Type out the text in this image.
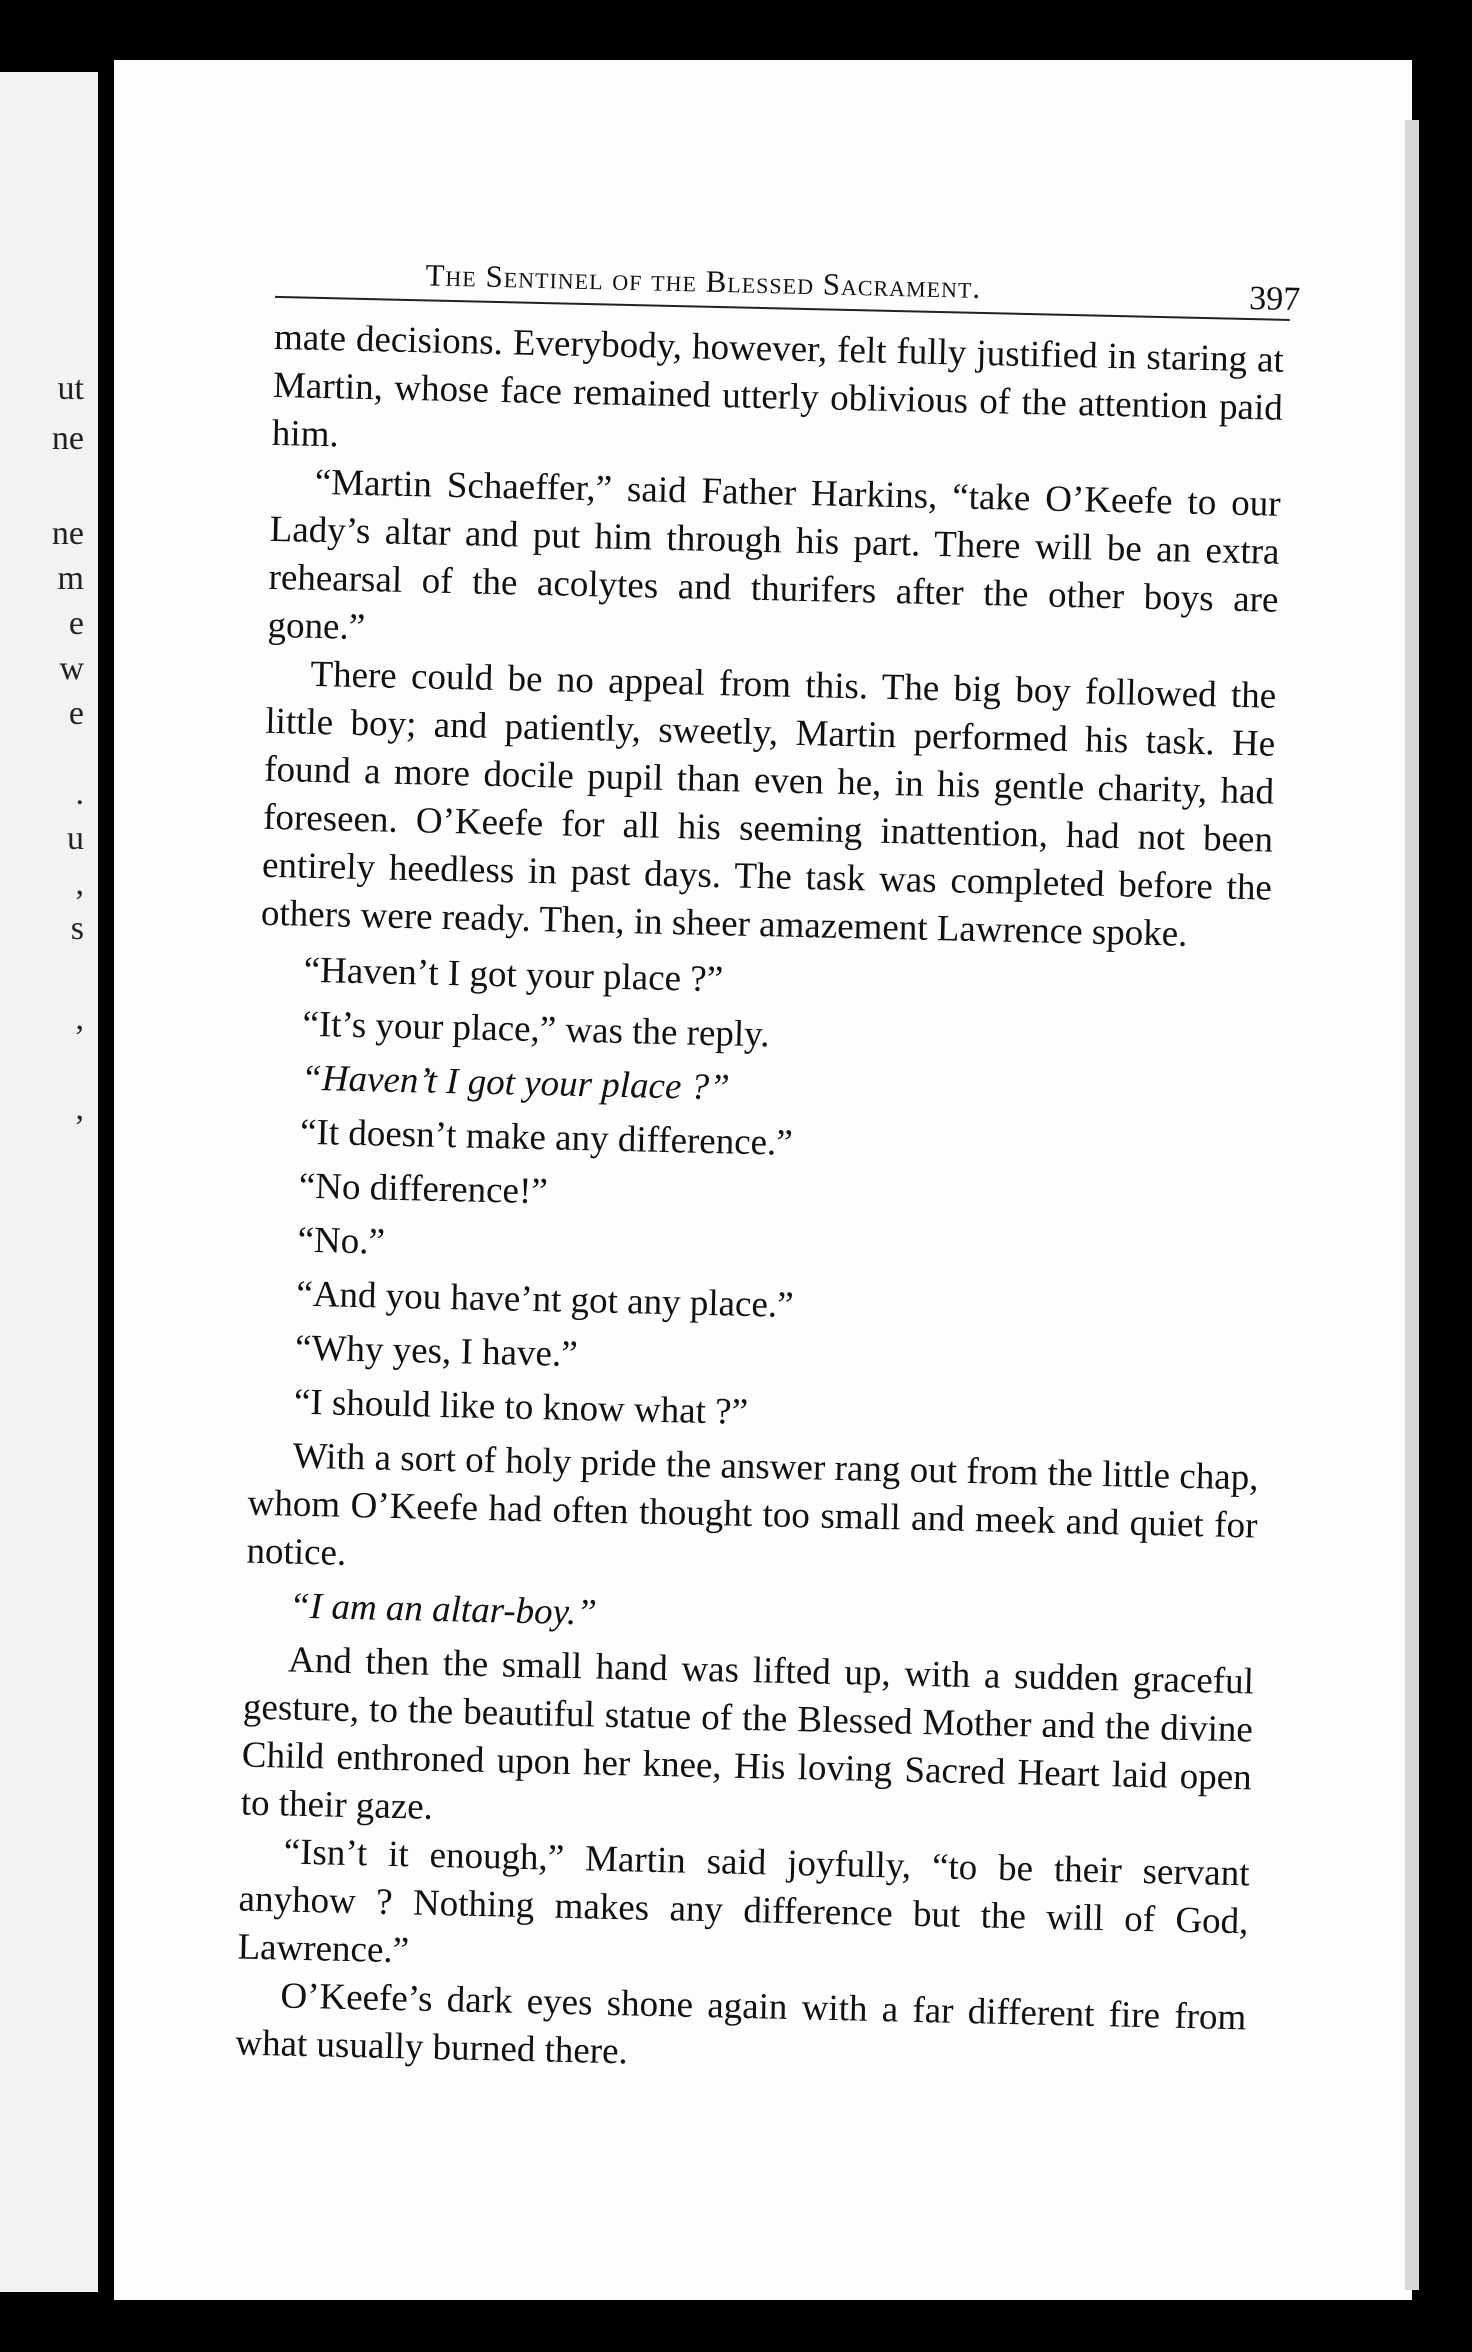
ut
ne
ne
m
e
w
e
.
u
,
s
,
,
The Sentinel of the Blessed Sacrament.	397

mate decisions. Everybody, however, felt fully justified in staring at Martin, whose face remained utterly oblivious of the attention paid him.

“Martin Schaeffer,” said Father Harkins, “take O’Keefe to our Lady’s altar and put him through his part. There will be an extra rehearsal of the acolytes and thurifers after the other boys are gone.”

There could be no appeal from this. The big boy followed the little boy; and patiently, sweetly, Martin performed his task. He found a more docile pupil than even he, in his gentle charity, had foreseen. O’Keefe for all his seeming inattention, had not been entirely heedless in past days. The task was completed before the others were ready. Then, in sheer amazement Lawrence spoke.

“Haven’t I got your place ?”

“It’s your place,” was the reply.

“Haven’t I got your place ?”

“It doesn’t make any difference.”

“No difference!”

“No.”

“And you have’nt got any place.”

“Why yes, I have.”

“I should like to know what ?”

With a sort of holy pride the answer rang out from the little chap, whom O’Keefe had often thought too small and meek and quiet for notice.

“I am an altar-boy.”

And then the small hand was lifted up, with a sudden graceful gesture, to the beautiful statue of the Blessed Mother and the divine Child enthroned upon her knee, His loving Sacred Heart laid open to their gaze.

“Isn’t it enough,” Martin said joyfully, “to be their servant anyhow ? Nothing makes any difference but the will of God, Lawrence.”

O’Keefe’s dark eyes shone again with a far different fire from what usually burned there.
